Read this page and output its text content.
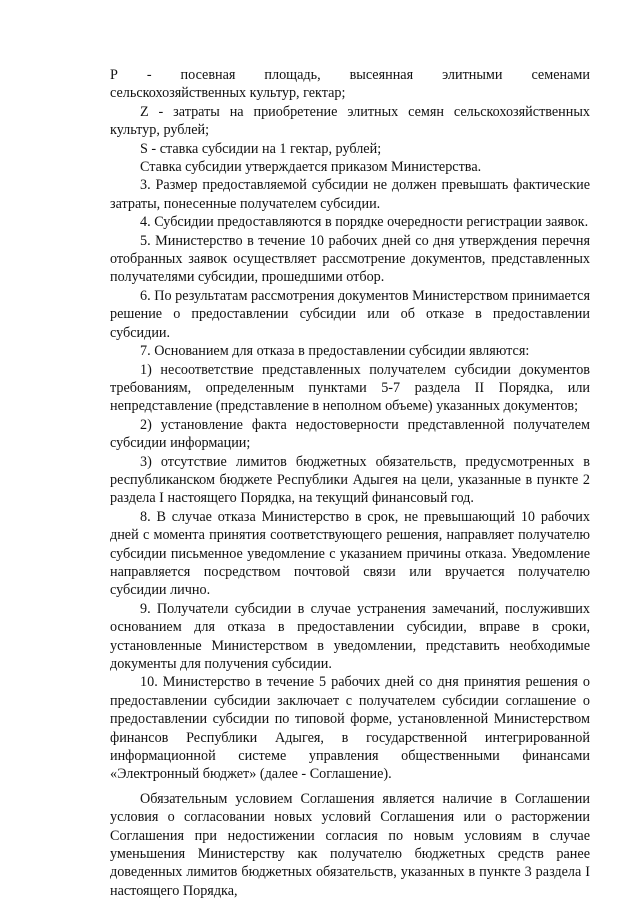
P - посевная площадь, высеянная элитными семенами

сельскохозяйственных культур, гектар;

Z - затраты на приобретение элитных семян сельскохозяйственных культур, рублей;

S - ставка субсидии на 1 гектар, рублей;

Ставка субсидии утверждается приказом Министерства.

3. Размер предоставляемой субсидии не должен превышать фактические затраты, понесенные получателем субсидии.

4. Субсидии предоставляются в порядке очередности регистрации заявок.

5. Министерство в течение 10 рабочих дней со дня утверждения перечня отобранных заявок осуществляет рассмотрение документов, представленных получателями субсидии, прошедшими отбор.

6. По результатам рассмотрения документов Министерством принимается решение о предоставлении субсидии или об отказе в предоставлении субсидии.

7. Основанием для отказа в предоставлении субсидии являются:

1) несоответствие представленных получателем субсидии документов требованиям, определенным пунктами 5-7 раздела II Порядка, или непредставление (представление в неполном объеме) указанных документов;

2) установление факта недостоверности представленной получателем субсидии информации;

3) отсутствие лимитов бюджетных обязательств, предусмотренных в республиканском бюджете Республики Адыгея на цели, указанные в пункте 2 раздела I настоящего Порядка, на текущий финансовый год.

8. В случае отказа Министерство в срок, не превышающий 10 рабочих дней с момента принятия соответствующего решения, направляет получателю субсидии письменное уведомление с указанием причины отказа. Уведомление направляется посредством почтовой связи или вручается получателю субсидии лично.

9. Получатели субсидии в случае устранения замечаний, послуживших основанием для отказа в предоставлении субсидии, вправе в сроки, установленные Министерством в уведомлении, представить необходимые документы для получения субсидии.

10. Министерство в течение 5 рабочих дней со дня принятия решения о предоставлении субсидии заключает с получателем субсидии соглашение о предоставлении субсидии по типовой форме, установленной Министерством финансов Республики Адыгея, в государственной интегрированной информационной системе управления общественными финансами «Электронный бюджет» (далее - Соглашение).

Обязательным условием Соглашения является наличие в Соглашении условия о согласовании новых условий Соглашения или о расторжении Соглашения при недостижении согласия по новым условиям в случае уменьшения Министерству как получателю бюджетных средств ранее доведенных лимитов бюджетных обязательств, указанных в пункте 3 раздела I настоящего Порядка,
